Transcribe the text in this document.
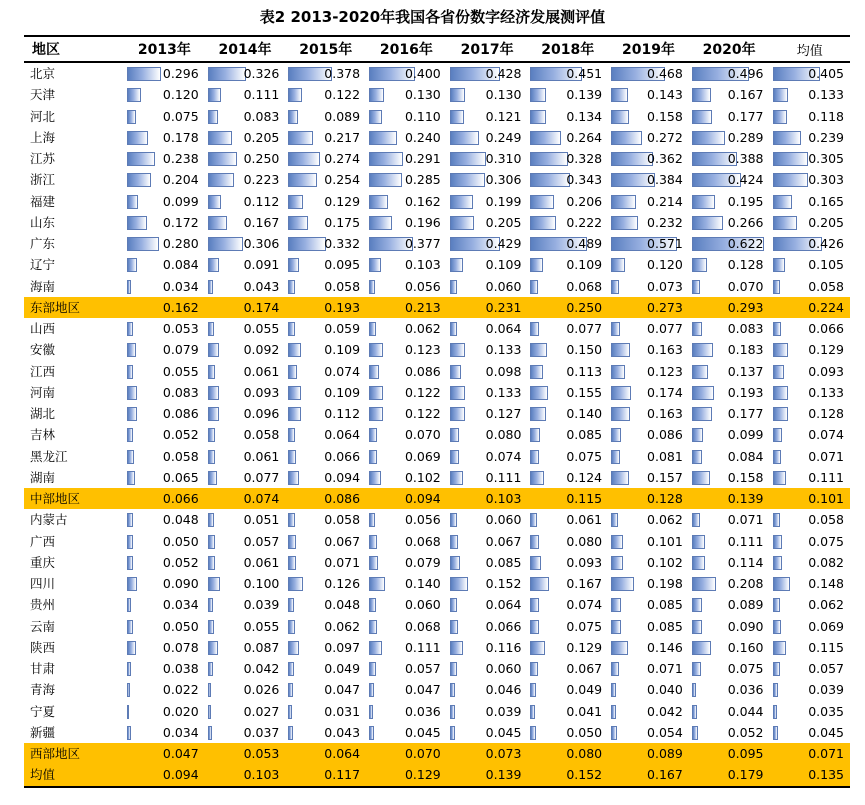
表2 2013-2020年我国各省份数字经济发展测评值
地区	2013年	2014年	2015年	2016年	2017年	2018年	2019年	2020年	均值
北京	0.296	0.326	0.378	0.400	0.428	0.451	0.468	0.496	0.405

天津	0.120	0.111	0.122	0.130	0.130	0.139	0.143	0.167	0.133

河北	0.075	0.083	0.089	0.110	0.121	0.134	0.158	0.177	0.118

上海	0.178	0.205	0.217	0.240	0.249	0.264	0.272	0.289	0.239

江苏	0.238	0.250	0.274	0.291	0.310	0.328	0.362	0.388	0.305

浙江	0.204	0.223	0.254	0.285	0.306	0.343	0.384	0.424	0.303

福建	0.099	0.112	0.129	0.162	0.199	0.206	0.214	0.195	0.165

山东	0.172	0.167	0.175	0.196	0.205	0.222	0.232	0.266	0.205

广东	0.280	0.306	0.332	0.377	0.429	0.489	0.571	0.622	0.426

辽宁	0.084	0.091	0.095	0.103	0.109	0.109	0.120	0.128	0.105

海南	0.034	0.043	0.058	0.056	0.060	0.068	0.073	0.070	0.058

东部地区	0.162	0.174	0.193	0.213	0.231	0.250	0.273	0.293	0.224

山西	0.053	0.055	0.059	0.062	0.064	0.077	0.077	0.083	0.066

安徽	0.079	0.092	0.109	0.123	0.133	0.150	0.163	0.183	0.129

江西	0.055	0.061	0.074	0.086	0.098	0.113	0.123	0.137	0.093

河南	0.083	0.093	0.109	0.122	0.133	0.155	0.174	0.193	0.133

湖北	0.086	0.096	0.112	0.122	0.127	0.140	0.163	0.177	0.128

吉林	0.052	0.058	0.064	0.070	0.080	0.085	0.086	0.099	0.074

黑龙江	0.058	0.061	0.066	0.069	0.074	0.075	0.081	0.084	0.071

湖南	0.065	0.077	0.094	0.102	0.111	0.124	0.157	0.158	0.111

中部地区	0.066	0.074	0.086	0.094	0.103	0.115	0.128	0.139	0.101

内蒙古	0.048	0.051	0.058	0.056	0.060	0.061	0.062	0.071	0.058

广西	0.050	0.057	0.067	0.068	0.067	0.080	0.101	0.111	0.075

重庆	0.052	0.061	0.071	0.079	0.085	0.093	0.102	0.114	0.082

四川	0.090	0.100	0.126	0.140	0.152	0.167	0.198	0.208	0.148

贵州	0.034	0.039	0.048	0.060	0.064	0.074	0.085	0.089	0.062

云南	0.050	0.055	0.062	0.068	0.066	0.075	0.085	0.090	0.069

陕西	0.078	0.087	0.097	0.111	0.116	0.129	0.146	0.160	0.115

甘肃	0.038	0.042	0.049	0.057	0.060	0.067	0.071	0.075	0.057

青海	0.022	0.026	0.047	0.047	0.046	0.049	0.040	0.036	0.039

宁夏	0.020	0.027	0.031	0.036	0.039	0.041	0.042	0.044	0.035

新疆	0.034	0.037	0.043	0.045	0.045	0.050	0.054	0.052	0.045

西部地区	0.047	0.053	0.064	0.070	0.073	0.080	0.089	0.095	0.071

均值	0.094	0.103	0.117	0.129	0.139	0.152	0.167	0.179	0.135
